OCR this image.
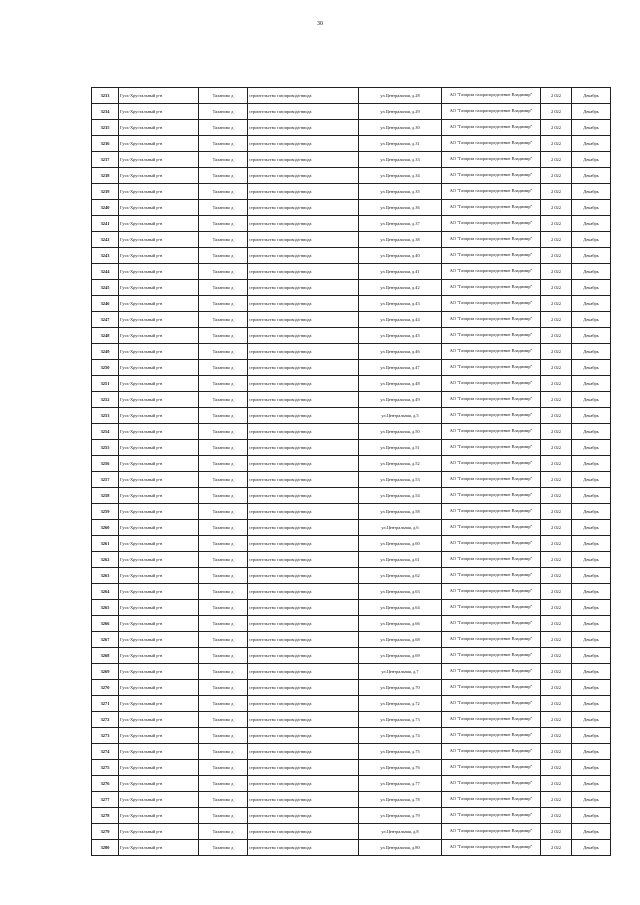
30
3233	Гусь-Хрустальный р-н	Таланово д	строительство газопровода-ввода	ул.Центральная, д.28	АО "Газпром газораспределение Владимир"	2 022	Декабрь
3234	Гусь-Хрустальный р-н	Таланово д	строительство газопровода-ввода	ул.Центральная, д.29	АО "Газпром газораспределение Владимир"	2 022	Декабрь
3235	Гусь-Хрустальный р-н	Таланово д	строительство газопровода-ввода	ул.Центральная, д.30	АО "Газпром газораспределение Владимир"	2 022	Декабрь
3236	Гусь-Хрустальный р-н	Таланово д	строительство газопровода-ввода	ул.Центральная, д.31	АО "Газпром газораспределение Владимир"	2 022	Декабрь
3237	Гусь-Хрустальный р-н	Таланово д	строительство газопровода-ввода	ул.Центральная, д.33	АО "Газпром газораспределение Владимир"	2 022	Декабрь
3238	Гусь-Хрустальный р-н	Таланово д	строительство газопровода-ввода	ул.Центральная, д.34	АО "Газпром газораспределение Владимир"	2 022	Декабрь
3239	Гусь-Хрустальный р-н	Таланово д	строительство газопровода-ввода	ул.Центральная, д.35	АО "Газпром газораспределение Владимир"	2 022	Декабрь
3240	Гусь-Хрустальный р-н	Таланово д	строительство газопровода-ввода	ул.Центральная, д.36	АО "Газпром газораспределение Владимир"	2 022	Декабрь
3241	Гусь-Хрустальный р-н	Таланово д	строительство газопровода-ввода	ул.Центральная, д.37	АО "Газпром газораспределение Владимир"	2 022	Декабрь
3242	Гусь-Хрустальный р-н	Таланово д	строительство газопровода-ввода	ул.Центральная, д.38	АО "Газпром газораспределение Владимир"	2 022	Декабрь
3243	Гусь-Хрустальный р-н	Таланово д	строительство газопровода-ввода	ул.Центральная, д.40	АО "Газпром газораспределение Владимир"	2 022	Декабрь
3244	Гусь-Хрустальный р-н	Таланово д	строительство газопровода-ввода	ул.Центральная, д.41	АО "Газпром газораспределение Владимир"	2 022	Декабрь
3245	Гусь-Хрустальный р-н	Таланово д	строительство газопровода-ввода	ул.Центральная, д.42	АО "Газпром газораспределение Владимир"	2 022	Декабрь
3246	Гусь-Хрустальный р-н	Таланово д	строительство газопровода-ввода	ул.Центральная, д.43	АО "Газпром газораспределение Владимир"	2 022	Декабрь
3247	Гусь-Хрустальный р-н	Таланово д	строительство газопровода-ввода	ул.Центральная, д.44	АО "Газпром газораспределение Владимир"	2 022	Декабрь
3248	Гусь-Хрустальный р-н	Таланово д	строительство газопровода-ввода	ул.Центральная, д.45	АО "Газпром газораспределение Владимир"	2 022	Декабрь
3249	Гусь-Хрустальный р-н	Таланово д	строительство газопровода-ввода	ул.Центральная, д.46	АО "Газпром газораспределение Владимир"	2 022	Декабрь
3250	Гусь-Хрустальный р-н	Таланово д	строительство газопровода-ввода	ул.Центральная, д.47	АО "Газпром газораспределение Владимир"	2 022	Декабрь
3251	Гусь-Хрустальный р-н	Таланово д	строительство газопровода-ввода	ул.Центральная, д.48	АО "Газпром газораспределение Владимир"	2 022	Декабрь
3252	Гусь-Хрустальный р-н	Таланово д	строительство газопровода-ввода	ул.Центральная, д.49	АО "Газпром газораспределение Владимир"	2 022	Декабрь
3253	Гусь-Хрустальный р-н	Таланово д	строительство газопровода-ввода	ул.Центральная, д.5	АО "Газпром газораспределение Владимир"	2 022	Декабрь
3254	Гусь-Хрустальный р-н	Таланово д	строительство газопровода-ввода	ул.Центральная, д.50	АО "Газпром газораспределение Владимир"	2 022	Декабрь
3255	Гусь-Хрустальный р-н	Таланово д	строительство газопровода-ввода	ул.Центральная, д.51	АО "Газпром газораспределение Владимир"	2 022	Декабрь
3256	Гусь-Хрустальный р-н	Таланово д	строительство газопровода-ввода	ул.Центральная, д.52	АО "Газпром газораспределение Владимир"	2 022	Декабрь
3257	Гусь-Хрустальный р-н	Таланово д	строительство газопровода-ввода	ул.Центральная, д.53	АО "Газпром газораспределение Владимир"	2 022	Декабрь
3258	Гусь-Хрустальный р-н	Таланово д	строительство газопровода-ввода	ул.Центральная, д.54	АО "Газпром газораспределение Владимир"	2 022	Декабрь
3259	Гусь-Хрустальный р-н	Таланово д	строительство газопровода-ввода	ул.Центральная, д.58	АО "Газпром газораспределение Владимир"	2 022	Декабрь
3260	Гусь-Хрустальный р-н	Таланово д	строительство газопровода-ввода	ул.Центральная, д.6	АО "Газпром газораспределение Владимир"	2 022	Декабрь
3261	Гусь-Хрустальный р-н	Таланово д	строительство газопровода-ввода	ул.Центральная, д.60	АО "Газпром газораспределение Владимир"	2 022	Декабрь
3262	Гусь-Хрустальный р-н	Таланово д	строительство газопровода-ввода	ул.Центральная, д.61	АО "Газпром газораспределение Владимир"	2 022	Декабрь
3263	Гусь-Хрустальный р-н	Таланово д	строительство газопровода-ввода	ул.Центральная, д.62	АО "Газпром газораспределение Владимир"	2 022	Декабрь
3264	Гусь-Хрустальный р-н	Таланово д	строительство газопровода-ввода	ул.Центральная, д.63	АО "Газпром газораспределение Владимир"	2 022	Декабрь
3265	Гусь-Хрустальный р-н	Таланово д	строительство газопровода-ввода	ул.Центральная, д.64	АО "Газпром газораспределение Владимир"	2 022	Декабрь
3266	Гусь-Хрустальный р-н	Таланово д	строительство газопровода-ввода	ул.Центральная, д.66	АО "Газпром газораспределение Владимир"	2 022	Декабрь
3267	Гусь-Хрустальный р-н	Таланово д	строительство газопровода-ввода	ул.Центральная, д.68	АО "Газпром газораспределение Владимир"	2 022	Декабрь
3268	Гусь-Хрустальный р-н	Таланово д	строительство газопровода-ввода	ул.Центральная, д.69	АО "Газпром газораспределение Владимир"	2 022	Декабрь
3269	Гусь-Хрустальный р-н	Таланово д	строительство газопровода-ввода	ул.Центральная, д.7	АО "Газпром газораспределение Владимир"	2 022	Декабрь
3270	Гусь-Хрустальный р-н	Таланово д	строительство газопровода-ввода	ул.Центральная, д.70	АО "Газпром газораспределение Владимир"	2 022	Декабрь
3271	Гусь-Хрустальный р-н	Таланово д	строительство газопровода-ввода	ул.Центральная, д.72	АО "Газпром газораспределение Владимир"	2 022	Декабрь
3272	Гусь-Хрустальный р-н	Таланово д	строительство газопровода-ввода	ул.Центральная, д.73	АО "Газпром газораспределение Владимир"	2 022	Декабрь
3273	Гусь-Хрустальный р-н	Таланово д	строительство газопровода-ввода	ул.Центральная, д.74	АО "Газпром газораспределение Владимир"	2 022	Декабрь
3274	Гусь-Хрустальный р-н	Таланово д	строительство газопровода-ввода	ул.Центральная, д.75	АО "Газпром газораспределение Владимир"	2 022	Декабрь
3275	Гусь-Хрустальный р-н	Таланово д	строительство газопровода-ввода	ул.Центральная, д.76	АО "Газпром газораспределение Владимир"	2 022	Декабрь
3276	Гусь-Хрустальный р-н	Таланово д	строительство газопровода-ввода	ул.Центральная, д.77	АО "Газпром газораспределение Владимир"	2 022	Декабрь
3277	Гусь-Хрустальный р-н	Таланово д	строительство газопровода-ввода	ул.Центральная, д.78	АО "Газпром газораспределение Владимир"	2 022	Декабрь
3278	Гусь-Хрустальный р-н	Таланово д	строительство газопровода-ввода	ул.Центральная, д.79	АО "Газпром газораспределение Владимир"	2 022	Декабрь
3279	Гусь-Хрустальный р-н	Таланово д	строительство газопровода-ввода	ул.Центральная, д.8	АО "Газпром газораспределение Владимир"	2 022	Декабрь
3280	Гусь-Хрустальный р-н	Таланово д	строительство газопровода-ввода	ул.Центральная, д.80	АО "Газпром газораспределение Владимир"	2 022	Декабрь
